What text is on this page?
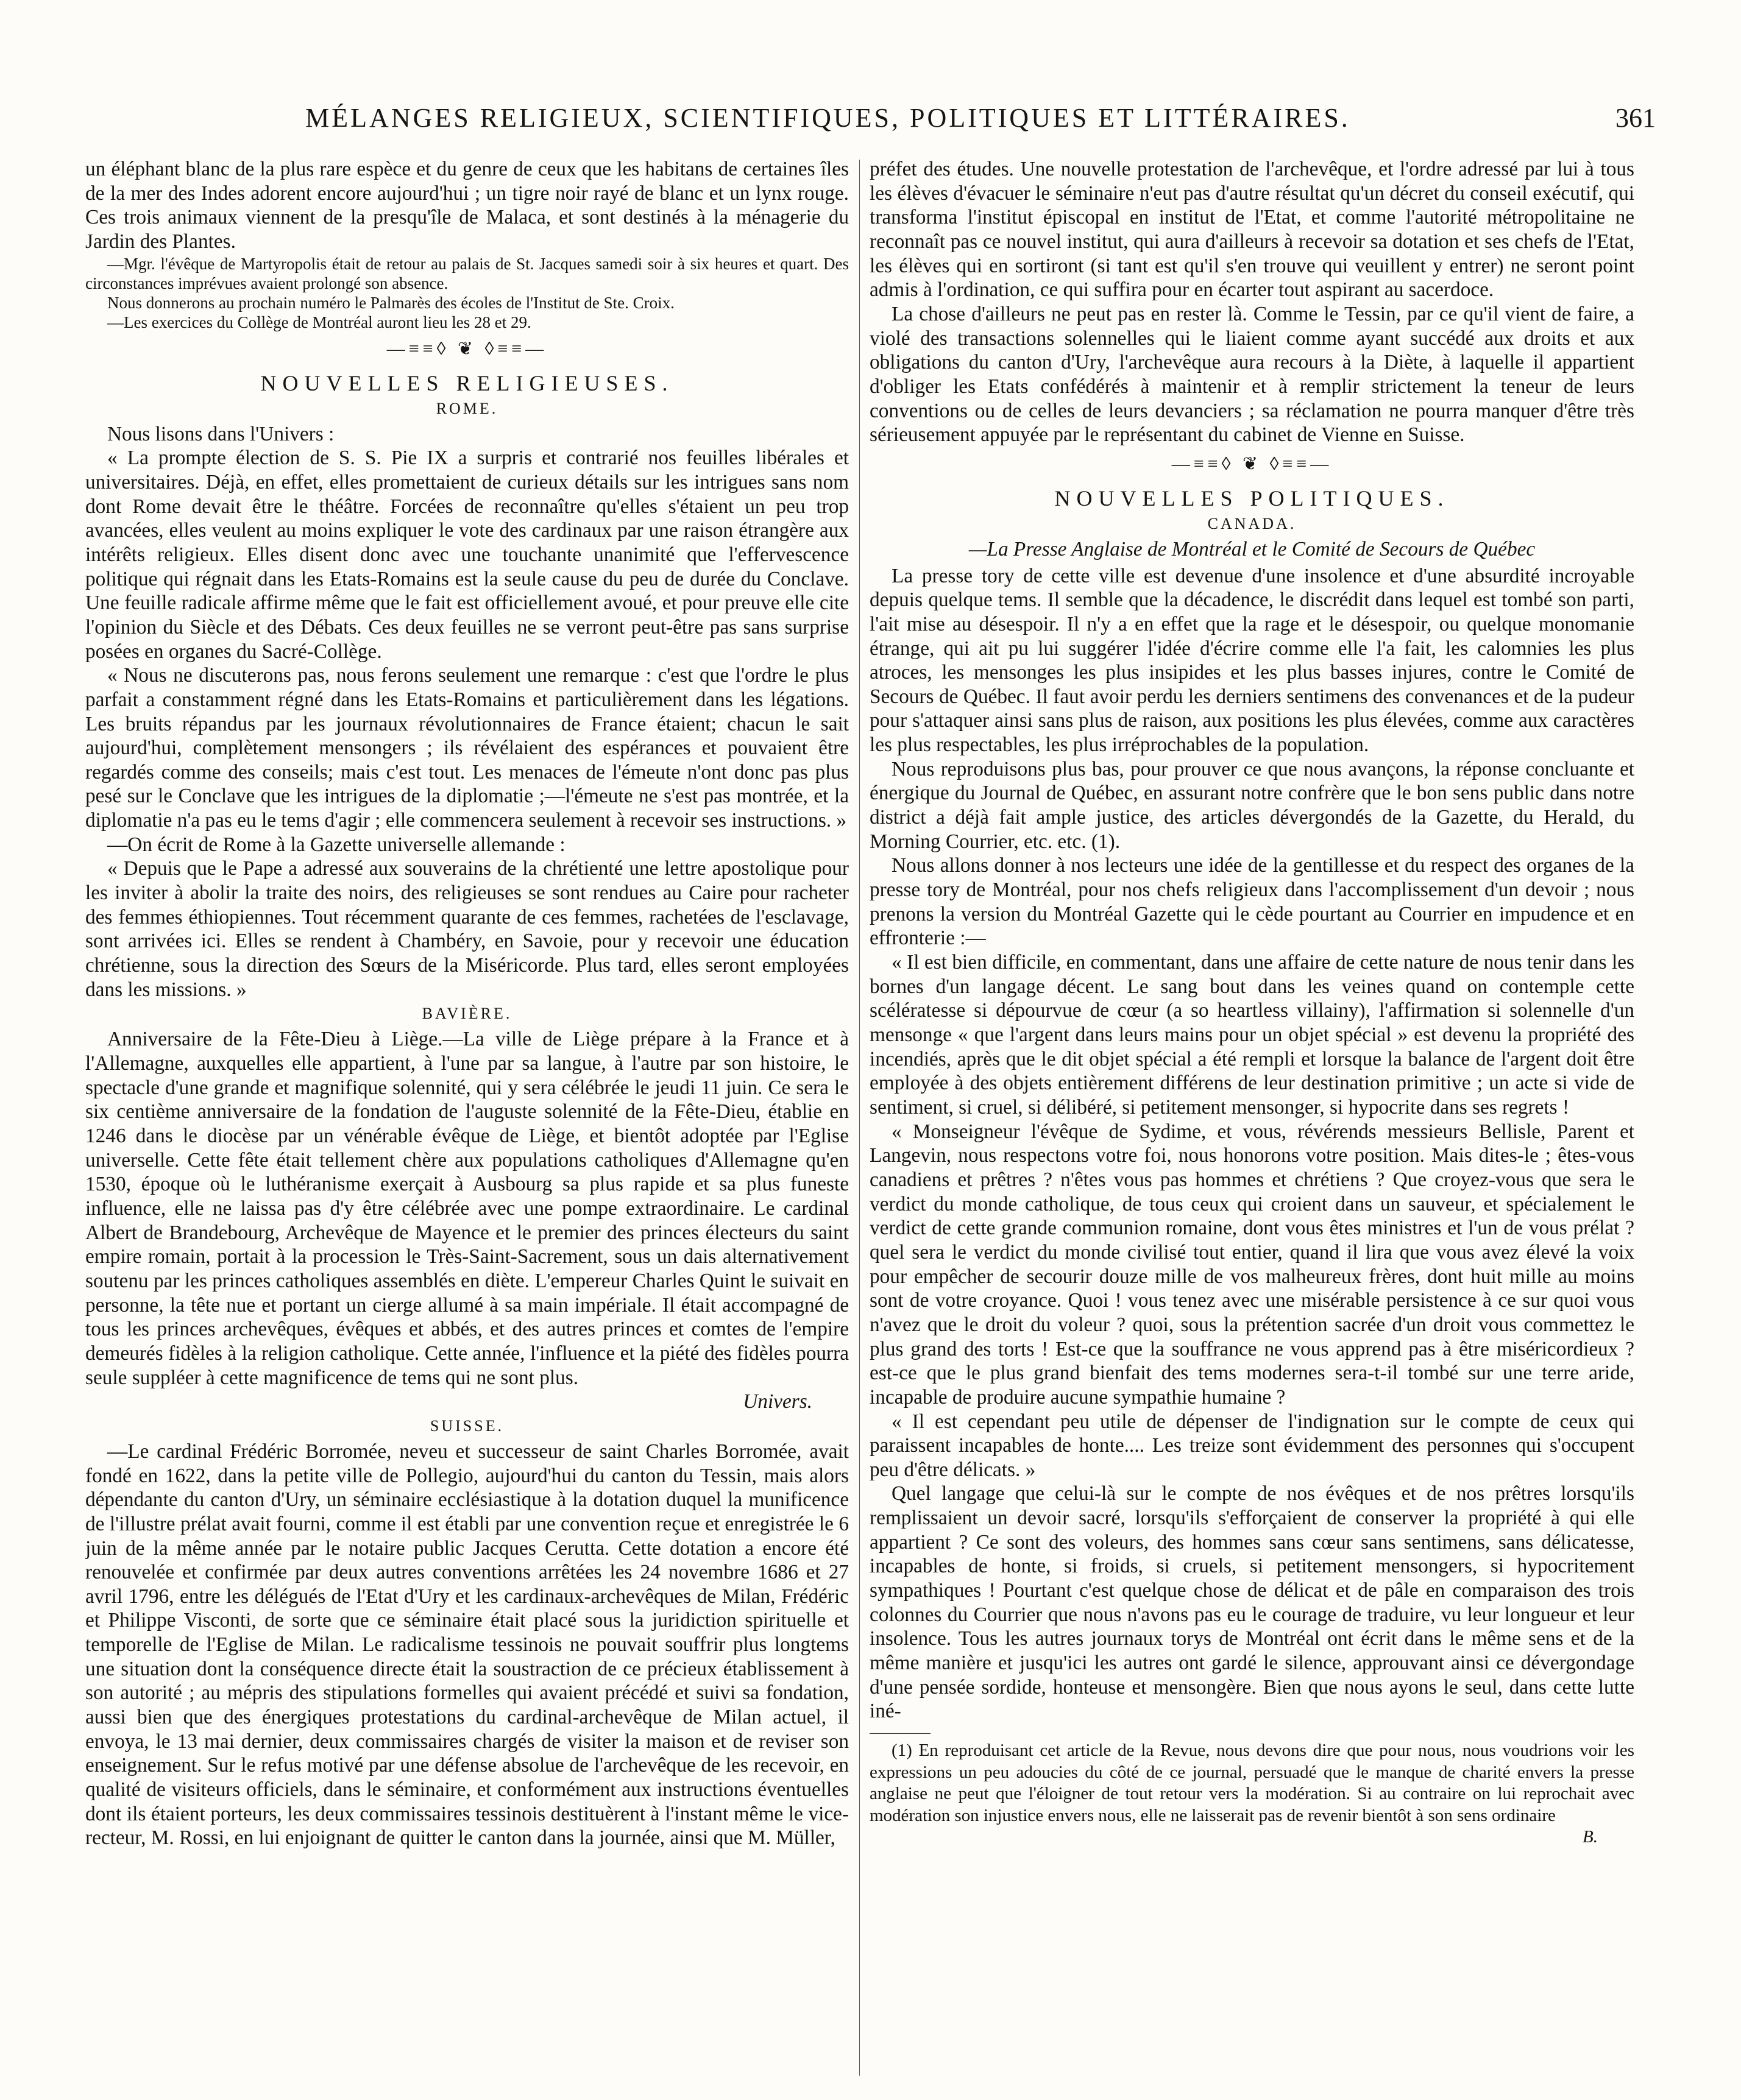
MÉLANGES RELIGIEUX, SCIENTIFIQUES, POLITIQUES ET LITTÉRAIRES.	361

un éléphant blanc de la plus rare espèce et du genre de ceux que les habitans de certaines îles de la mer des Indes adorent encore aujourd'hui ; un tigre noir rayé de blanc et un lynx rouge. Ces trois animaux viennent de la presqu'île de Malaca, et sont destinés à la ménagerie du Jardin des Plantes.

—Mgr. l'évêque de Martyropolis était de retour au palais de St. Jacques samedi soir à six heures et quart. Des circonstances imprévues avaient prolongé son absence.

Nous donnerons au prochain numéro le Palmarès des écoles de l'Institut de Ste. Croix.

—Les exercices du Collège de Montréal auront lieu les 28 et 29.

—≡≡◊ ❦ ◊≡≡—
NOUVELLES RELIGIEUSES.
ROME.

Nous lisons dans l'Univers :

« La prompte élection de S. S. Pie IX a surpris et contrarié nos feuilles libérales et universitaires. Déjà, en effet, elles promettaient de curieux détails sur les intrigues sans nom dont Rome devait être le théâtre. Forcées de reconnaître qu'elles s'étaient un peu trop avancées, elles veulent au moins expliquer le vote des cardinaux par une raison étrangère aux intérêts religieux. Elles disent donc avec une touchante unanimité que l'effervescence politique qui régnait dans les Etats-Romains est la seule cause du peu de durée du Conclave. Une feuille radicale affirme même que le fait est officiellement avoué, et pour preuve elle cite l'opinion du Siècle et des Débats. Ces deux feuilles ne se verront peut-être pas sans surprise posées en organes du Sacré-Collège.

« Nous ne discuterons pas, nous ferons seulement une remarque : c'est que l'ordre le plus parfait a constamment régné dans les Etats-Romains et particulièrement dans les légations. Les bruits répandus par les journaux révolutionnaires de France étaient; chacun le sait aujourd'hui, complètement mensongers ; ils révélaient des espérances et pouvaient être regardés comme des conseils; mais c'est tout. Les menaces de l'émeute n'ont donc pas plus pesé sur le Conclave que les intrigues de la diplomatie ;—l'émeute ne s'est pas montrée, et la diplomatie n'a pas eu le tems d'agir ; elle commencera seulement à recevoir ses instructions. »

—On écrit de Rome à la Gazette universelle allemande :

« Depuis que le Pape a adressé aux souverains de la chrétienté une lettre apostolique pour les inviter à abolir la traite des noirs, des religieuses se sont rendues au Caire pour racheter des femmes éthiopiennes. Tout récemment quarante de ces femmes, rachetées de l'esclavage, sont arrivées ici. Elles se rendent à Chambéry, en Savoie, pour y recevoir une éducation chrétienne, sous la direction des Sœurs de la Miséricorde. Plus tard, elles seront employées dans les missions. »

BAVIÈRE.

Anniversaire de la Fête-Dieu à Liège.—La ville de Liège prépare à la France et à l'Allemagne, auxquelles elle appartient, à l'une par sa langue, à l'autre par son histoire, le spectacle d'une grande et magnifique solennité, qui y sera célébrée le jeudi 11 juin. Ce sera le six centième anniversaire de la fondation de l'auguste solennité de la Fête-Dieu, établie en 1246 dans le diocèse par un vénérable évêque de Liège, et bientôt adoptée par l'Eglise universelle. Cette fête était tellement chère aux populations catholiques d'Allemagne qu'en 1530, époque où le luthéranisme exerçait à Ausbourg sa plus rapide et sa plus funeste influence, elle ne laissa pas d'y être célébrée avec une pompe extraordinaire. Le cardinal Albert de Brandebourg, Archevêque de Mayence et le premier des princes électeurs du saint empire romain, portait à la procession le Très-Saint-Sacrement, sous un dais alternativement soutenu par les princes catholiques assemblés en diète. L'empereur Charles Quint le suivait en personne, la tête nue et portant un cierge allumé à sa main impériale. Il était accompagné de tous les princes archevêques, évêques et abbés, et des autres princes et comtes de l'empire demeurés fidèles à la religion catholique. Cette année, l'influence et la piété des fidèles pourra seule suppléer à cette magnificence de tems qui ne sont plus.

Univers.
SUISSE.

—Le cardinal Frédéric Borromée, neveu et successeur de saint Charles Borromée, avait fondé en 1622, dans la petite ville de Pollegio, aujourd'hui du canton du Tessin, mais alors dépendante du canton d'Ury, un séminaire ecclésiastique à la dotation duquel la munificence de l'illustre prélat avait fourni, comme il est établi par une convention reçue et enregistrée le 6 juin de la même année par le notaire public Jacques Ceruttа. Cette dotation a encore été renouvelée et confirmée par deux autres conventions arrêtées les 24 novembre 1686 et 27 avril 1796, entre les délégués de l'Etat d'Ury et les cardinaux-archevêques de Milan, Frédéric et Philippe Visconti, de sorte que ce séminaire était placé sous la juridiction spirituelle et temporelle de l'Eglise de Milan. Le radicalisme tessinois ne pouvait souffrir plus longtems une situation dont la conséquence directe était la soustraction de ce précieux établissement à son autorité ; au mépris des stipulations formelles qui avaient précédé et suivi sa fondation, aussi bien que des énergiques protestations du cardinal-archevêque de Milan actuel, il envoya, le 13 mai dernier, deux commissaires chargés de visiter la maison et de reviser son enseignement. Sur le refus motivé par une défense absolue de l'archevêque de les recevoir, en qualité de visiteurs officiels, dans le séminaire, et conformément aux instructions éventuelles dont ils étaient porteurs, les deux commissaires tessinois destituèrent à l'instant même le vice-recteur, M. Rossi, en lui enjoignant de quitter le canton dans la journée, ainsi que M. Müller,

préfet des études. Une nouvelle protestation de l'archevêque, et l'ordre adressé par lui à tous les élèves d'évacuer le séminaire n'eut pas d'autre résultat qu'un décret du conseil exécutif, qui transforma l'institut épiscopal en institut de l'Etat, et comme l'autorité métropolitaine ne reconnaît pas ce nouvel institut, qui aura d'ailleurs à recevoir sa dotation et ses chefs de l'Etat, les élèves qui en sortiront (si tant est qu'il s'en trouve qui veuillent y entrer) ne seront point admis à l'ordination, ce qui suffira pour en écarter tout aspirant au sacerdoce.

La chose d'ailleurs ne peut pas en rester là. Comme le Tessin, par ce qu'il vient de faire, a violé des transactions solennelles qui le liaient comme ayant succédé aux droits et aux obligations du canton d'Ury, l'archevêque aura recours à la Diète, à laquelle il appartient d'obliger les Etats confédérés à maintenir et à remplir strictement la teneur de leurs conventions ou de celles de leurs devanciers ; sa réclamation ne pourra manquer d'être très sérieusement appuyée par le représentant du cabinet de Vienne en Suisse.

—≡≡◊ ❦ ◊≡≡—
NOUVELLES POLITIQUES.
CANADA.
—La Presse Anglaise de Montréal et le Comité de Secours de Québec

La presse tory de cette ville est devenue d'une insolence et d'une absurdité incroyable depuis quelque tems. Il semble que la décadence, le discrédit dans lequel est tombé son parti, l'ait mise au désespoir. Il n'y a en effet que la rage et le désespoir, ou quelque monomanie étrange, qui ait pu lui suggérer l'idée d'écrire comme elle l'a fait, les calomnies les plus atroces, les mensonges les plus insipides et les plus basses injures, contre le Comité de Secours de Québec. Il faut avoir perdu les derniers sentimens des convenances et de la pudeur pour s'attaquer ainsi sans plus de raison, aux positions les plus élevées, comme aux caractères les plus respectables, les plus irréprochables de la population.

Nous reproduisons plus bas, pour prouver ce que nous avançons, la réponse concluante et énergique du Journal de Québec, en assurant notre confrère que le bon sens public dans notre district a déjà fait ample justice, des articles dévergondés de la Gazette, du Herald, du Morning Courrier, etc. etc. (1).

Nous allons donner à nos lecteurs une idée de la gentillesse et du respect des organes de la presse tory de Montréal, pour nos chefs religieux dans l'accomplissement d'un devoir ; nous prenons la version du Montréal Gazette qui le cède pourtant au Courrier en impudence et en effronterie :—

« Il est bien difficile, en commentant, dans une affaire de cette nature de nous tenir dans les bornes d'un langage décent. Le sang bout dans les veines quand on contemple cette scélératesse si dépourvue de cœur (a so heartless villainy), l'affirmation si solennelle d'un mensonge « que l'argent dans leurs mains pour un objet spécial » est devenu la propriété des incendiés, après que le dit objet spécial a été rempli et lorsque la balance de l'argent doit être employée à des objets entièrement différens de leur destination primitive ; un acte si vide de sentiment, si cruel, si délibéré, si petitement mensonger, si hypocrite dans ses regrets !

« Monseigneur l'évêque de Sydime, et vous, révérends messieurs Bellisle, Parent et Langevin, nous respectons votre foi, nous honorons votre position. Mais dites-le ; êtes-vous canadiens et prêtres ? n'êtes vous pas hommes et chrétiens ? Que croyez-vous que sera le verdict du monde catholique, de tous ceux qui croient dans un sauveur, et spécialement le verdict de cette grande communion romaine, dont vous êtes ministres et l'un de vous prélat ? quel sera le verdict du monde civilisé tout entier, quand il lira que vous avez élevé la voix pour empêcher de secourir douze mille de vos malheureux frères, dont huit mille au moins sont de votre croyance. Quoi ! vous tenez avec une misérable persistence à ce sur quoi vous n'avez que le droit du voleur ? quoi, sous la prétention sacrée d'un droit vous commettez le plus grand des torts ! Est-ce que la souffrance ne vous apprend pas à être miséricordieux ? est-ce que le plus grand bienfait des tems modernes sera-t-il tombé sur une terre aride, incapable de produire aucune sympathie humaine ?

« Il est cependant peu utile de dépenser de l'indignation sur le compte de ceux qui paraissent incapables de honte.... Les treize sont évidemment des personnes qui s'occupent peu d'être délicats. »

Quel langage que celui-là sur le compte de nos évêques et de nos prêtres lorsqu'ils remplissaient un devoir sacré, lorsqu'ils s'efforçaient de conserver la propriété à qui elle appartient ? Ce sont des voleurs, des hommes sans cœur sans sentimens, sans délicatesse, incapables de honte, si froids, si cruels, si petitement mensongers, si hypocritement sympathiques ! Pourtant c'est quelque chose de délicat et de pâle en comparaison des trois colonnes du Courrier que nous n'avons pas eu le courage de traduire, vu leur longueur et leur insolence. Tous les autres journaux torys de Montréal ont écrit dans le même sens et de la même manière et jusqu'ici les autres ont gardé le silence, approuvant ainsi ce dévergondage d'une pensée sordide, honteuse et mensongère. Bien que nous ayons le seul, dans cette lutte iné-

(1) En reproduisant cet article de la Revue, nous devons dire que pour nous, nous voudrions voir les expressions un peu adoucies du côté de ce journal, persuadé que le manque de charité envers la presse anglaise ne peut que l'éloigner de tout retour vers la modération. Si au contraire on lui reprochait avec modération son injustice envers nous, elle ne laisserait pas de revenir bientôt à son sens ordinaire

B.
